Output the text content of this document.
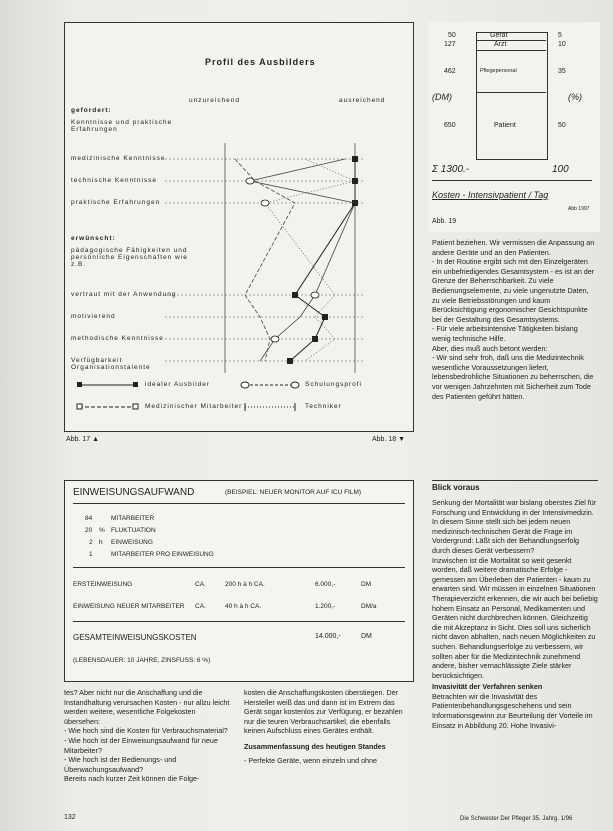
Profil des Ausbilders
unzureichend	ausreichend
gefordert:
Kenntnisse und praktische Erfahrungen
medizinische Kenntnisse
technische Kenntnisse
praktische Erfahrungen
erwünscht:
pädagogische Fähigkeiten und persönliche Eigenschaften wie z.B.
vertraut mit der Anwendung
motivierend
methodische Kenntnisse
Verfügbarkeit Organisationstalente
idealer Ausbilder	Schulungsprofi
Medizinischer Mitarbeiter	Techniker
Abb. 17 ▲	Abb. 18 ▼
50	Gerät	5
127	Arzt	10
462	Pflegepersonal	35
(DM)	(%)
650	Patient	50
Σ 1300.-	100
Kosten - Intensivpatient / Tag
Abb 1997
Abb. 19
Patient beziehen. Wir vermissen die Anpassung an andere Geräte und an den Patienten.
- In der Routine ergibt sich mit den Einzelgeräten ein unbefriedigendes Gesamtsystem - es ist an der Grenze der Beherrschbarkeit. Zu viele Bedienungselemente, zu viele ungenutzte Daten, zu viele Betriebsstörungen und kaum Berücksichtigung ergonomischer Gesichtspunkte bei der Gestaltung des Gesamtsystems.
- Für viele arbeitsintensive Tätigkeiten bislang wenig technische Hilfe.
Aber, dies muß auch betont werden:
- Wir sind sehr froh, daß uns die Medizintechnik wesentliche Voraussetzungen liefert, lebensbedrohliche Situationen zu beherrschen, die vor wenigen Jahrzehnten mit Sicherheit zum Tode des Patienten geführt hätten.
Blick voraus
Senkung der Mortalität war bislang oberstes Ziel für Forschung und Entwicklung in der Intensivmedizin. In diesem Sinne stellt sich bei jedem neuen medizinisch-technischen Gerät die Frage im Vordergrund: Läßt sich der Behandlungserfolg durch dieses Gerät verbessern?
Inzwischen ist die Mortalität so weit gesenkt worden, daß weitere dramatische Erfolge - gemessen am Überleben der Patienten - kaum zu erwarten sind. Wir müssen in einzelnen Situationen Therapieverzicht erkennen, die wir auch bei beliebig hohem Einsatz an Personal, Medikamenten und Geräten nicht durchbrechen können. Gleichzeitig die mit Akzeptanz in Sicht. Dies soll uns sicherlich nicht davon abhalten, nach neuen Möglichkeiten zu suchen. Behandlungserfolge zu verbessern, wir sollten aber für die Medizintechnik zunehmend andere, bisher vernachlässigte Ziele stärker berücksichtigen.
Invasivität der Verfahren senken
Betrachten wir die Invasivität des Patientenbehandlungsgeschehens und sein Informationsgewinn zur Beurteilung der Vorteile im Einsatz in Abbildung 20. Hohe Invasivi-
EINWEISUNGSAUFWAND	(BEISPIEL: NEUER MONITOR AUF ICU FILM)
84	MITARBEITER
20 % FLUKTUATION
2 h EINWEISUNG
1	MITARBEITER PRO EINWEISUNG
ERSTEINWEISUNG	CA.	200 h à h CA.	6.000,-	DM
EINWEISUNG NEUER MITARBEITER CA.	40 h à h CA.	1.200,-	DM/a
GESAMTEINWEISUNGSKOSTEN	14.000,-	DM
(LEBENSDAUER: 10 JAHRE, ZINSFUSS: 6 %)
tes? Aber nicht nur die Anschaffung und die Instandhaltung verursachen Kosten - nur allzu leicht werden weitere, wesentliche Folgekosten übersehen:
- Wie hoch sind die Kosten für Verbrauchsmaterial?
- Wie hoch ist der Einweisungsaufwand für neue Mitarbeiter?
- Wie hoch ist der Bedienungs- und Überwachungsaufwand?
Bereits nach kurzer Zeit können die Folge-
kosten die Anschaffungskosten überstiegen. Der Hersteller weiß das und dann ist im Extrem das Gerät sogar kostenlos zur Verfügung, er bezahlen nur die teuren Verbrauchsartikel, die ebenfalls keinen Aufschluss eines Gerätes enthält.
Zusammenfassung des heutigen Standes
- Perfekte Geräte, wenn einzeln und ohne
132	Die Schwester Der Pfleger 35. Jahrg. 1/96
